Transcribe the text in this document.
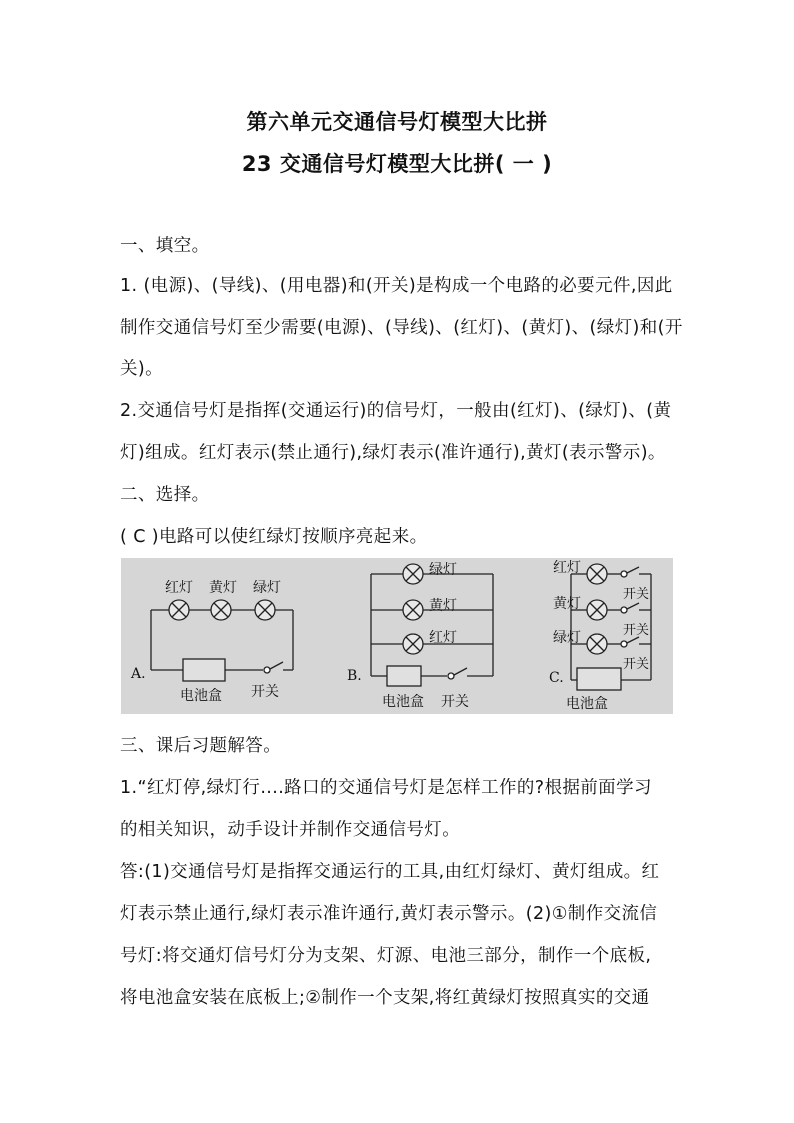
第六单元交通信号灯模型大比拼
23 交通信号灯模型大比拼( 一 )
一、填空。
1. (电源)、(导线)、(用电器)和(开关)是构成一个电路的必要元件,因此
制作交通信号灯至少需要(电源)、(导线)、(红灯)、(黄灯)、(绿灯)和(开
关)。
2.交通信号灯是指挥(交通运行)的信号灯，一般由(红灯)、(绿灯)、(黄
灯)组成。红灯表示(禁止通行),绿灯表示(准许通行),黄灯(表示警示)。
二、选择。
( C )电路可以使红绿灯按顺序亮起来。
红灯 黄灯 绿灯
A.
电池盒 开关
绿灯
黄灯
红灯
B.
电池盒 开关
红灯
黄灯
绿灯
开关
开关
开关
C.
电池盒
三、课后习题解答。
1.“红灯停,绿灯行....路口的交通信号灯是怎样工作的?根据前面学习
的相关知识，动手设计并制作交通信号灯。
答:(1)交通信号灯是指挥交通运行的工具,由红灯绿灯、黄灯组成。红
灯表示禁止通行,绿灯表示准许通行,黄灯表示警示。(2)①制作交流信
号灯:将交通灯信号灯分为支架、灯源、电池三部分，制作一个底板,
将电池盒安装在底板上;②制作一个支架,将红黄绿灯按照真实的交通
